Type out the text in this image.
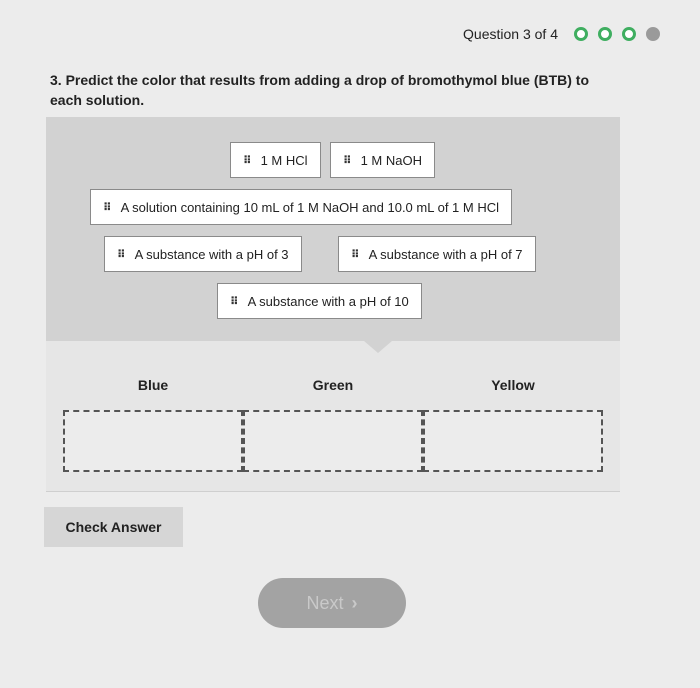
Question 3 of 4
3. Predict the color that results from adding a drop of bromothymol blue (BTB) to each solution.
⠿ 1 M HCl	⠿ 1 M NaOH
⠿ A solution containing 10 mL of 1 M NaOH and 10.0 mL of 1 M HCl
⠿ A substance with a pH of 3	⠿ A substance with a pH of 7
⠿ A substance with a pH of 10
Blue	Green	Yellow
Check Answer
Next ›
